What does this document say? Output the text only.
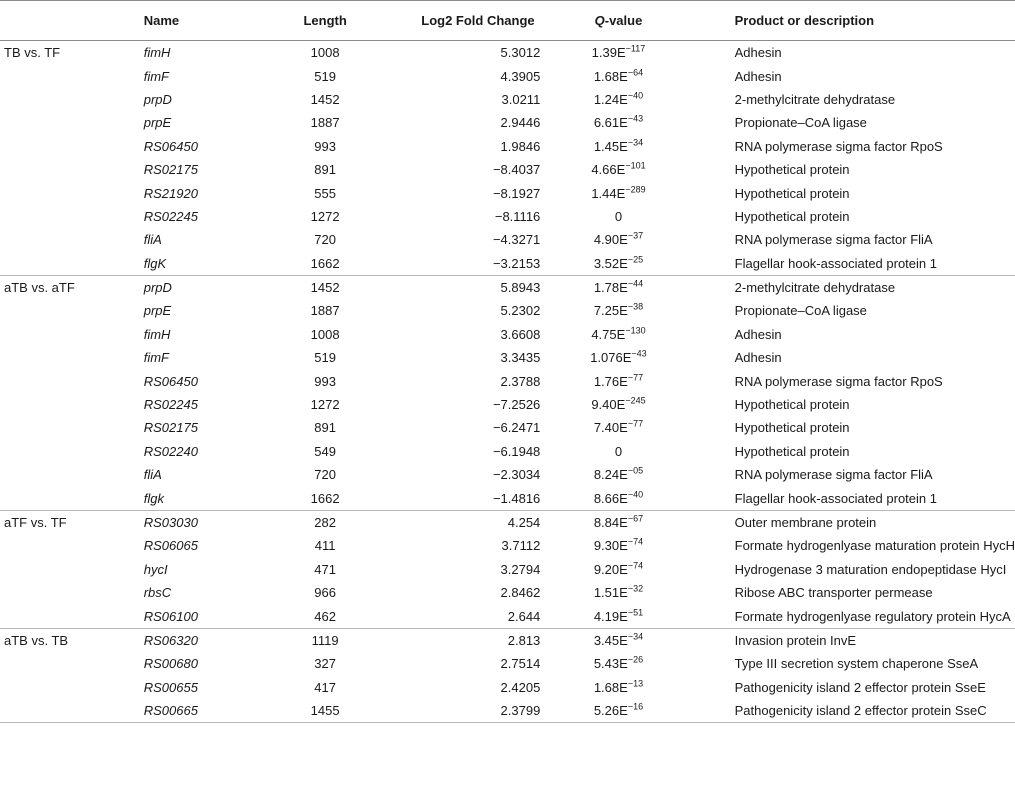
	Name	Length	Log2 Fold Change	Q-value	Product or description
TB vs. TF	fimH	1008	5.3012	$1.39E^{-117}$	Adhesin
	fimF	519	4.3905	$1.68E^{-64}$	Adhesin
	prpD	1452	3.0211	$1.24E^{-40}$	2-methylcitrate dehydratase
	prpE	1887	2.9446	$6.61E^{-43}$	Propionate–CoA ligase
	RS06450	993	1.9846	$1.45E^{-34}$	RNA polymerase sigma factor RpoS
	RS02175	891	−8.4037	$4.66E^{-101}$	Hypothetical protein
	RS21920	555	−8.1927	$1.44E^{-289}$	Hypothetical protein
	RS02245	1272	−8.1116	0	Hypothetical protein
	fliA	720	−4.3271	$4.90E^{-37}$	RNA polymerase sigma factor FliA
	flgK	1662	−3.2153	$3.52E^{-25}$	Flagellar hook-associated protein 1
aTB vs. aTF	prpD	1452	5.8943	$1.78E^{-44}$	2-methylcitrate dehydratase
	prpE	1887	5.2302	$7.25E^{-38}$	Propionate–CoA ligase
	fimH	1008	3.6608	$4.75E^{-130}$	Adhesin
	fimF	519	3.3435	$1.076E^{-43}$	Adhesin
	RS06450	993	2.3788	$1.76E^{-77}$	RNA polymerase sigma factor RpoS
	RS02245	1272	−7.2526	$9.40E^{-245}$	Hypothetical protein
	RS02175	891	−6.2471	$7.40E^{-77}$	Hypothetical protein
	RS02240	549	−6.1948	0	Hypothetical protein
	fliA	720	−2.3034	$8.24E^{-05}$	RNA polymerase sigma factor FliA
	flgk	1662	−1.4816	$8.66E^{-40}$	Flagellar hook-associated protein 1
aTF vs. TF	RS03030	282	4.254	$8.84E^{-67}$	Outer membrane protein
	RS06065	411	3.7112	$9.30E^{-74}$	Formate hydrogenlyase maturation protein HycH
	hycI	471	3.2794	$9.20E^{-74}$	Hydrogenase 3 maturation endopeptidase HycI
	rbsC	966	2.8462	$1.51E^{-32}$	Ribose ABC transporter permease
	RS06100	462	2.644	$4.19E^{-51}$	Formate hydrogenlyase regulatory protein HycA
aTB vs. TB	RS06320	1119	2.813	$3.45E^{-34}$	Invasion protein InvE
	RS00680	327	2.7514	$5.43E^{-26}$	Type III secretion system chaperone SseA
	RS00655	417	2.4205	$1.68E^{-13}$	Pathogenicity island 2 effector protein SseE
	RS00665	1455	2.3799	$5.26E^{-16}$	Pathogenicity island 2 effector protein SseC
